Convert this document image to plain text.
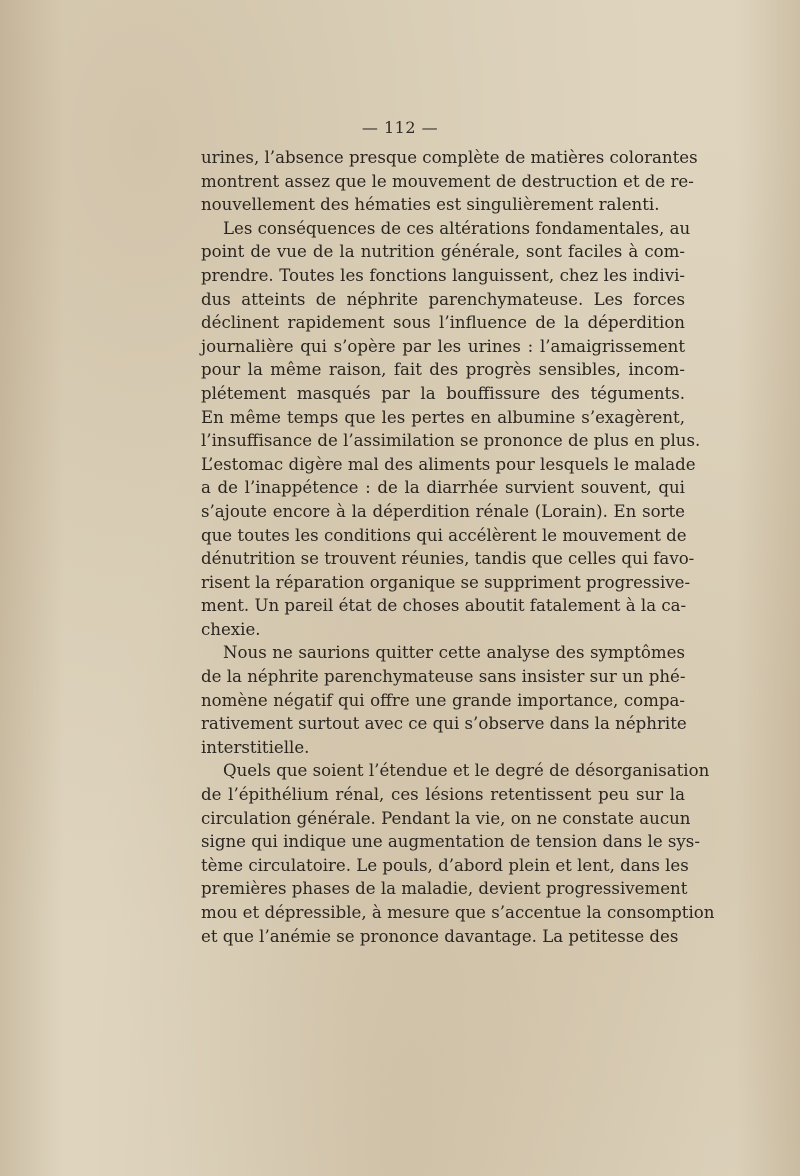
— 112 —
urines, l’absence presque complète de matières colorantes
montrent assez que le mouvement de destruction et de re-
nouvellement des hématies est singulièrement ralenti.
Les conséquences de ces altérations fondamentales, au
point de vue de la nutrition générale, sont faciles à com-
prendre. Toutes les fonctions languissent, chez les indivi-
dus atteints de néphrite parenchymateuse. Les forces
déclinent rapidement sous l’influence de la déperdition
journalière qui s’opère par les urines : l’amaigrissement
pour la même raison, fait des progrès sensibles, incom-
plétement masqués par la bouffissure des téguments.
En même temps que les pertes en albumine s’exagèrent,
l’insuffisance de l’assimilation se prononce de plus en plus.
L’estomac digère mal des aliments pour lesquels le malade
a de l’inappétence : de la diarrhée survient souvent, qui
s’ajoute encore à la déperdition rénale (Lorain). En sorte
que toutes les conditions qui accélèrent le mouvement de
dénutrition se trouvent réunies, tandis que celles qui favo-
risent la réparation organique se suppriment progressive-
ment. Un pareil état de choses aboutit fatalement à la ca-
chexie.
Nous ne saurions quitter cette analyse des symptômes
de la néphrite parenchymateuse sans insister sur un phé-
nomène négatif qui offre une grande importance, compa-
rativement surtout avec ce qui s’observe dans la néphrite
interstitielle.
Quels que soient l’étendue et le degré de désorganisation
de l’épithélium rénal, ces lésions retentissent peu sur la
circulation générale. Pendant la vie, on ne constate aucun
signe qui indique une augmentation de tension dans le sys-
tème circulatoire. Le pouls, d’abord plein et lent, dans les
premières phases de la maladie, devient progressivement
mou et dépressible, à mesure que s’accentue la consomption
et que l’anémie se prononce davantage. La petitesse des
